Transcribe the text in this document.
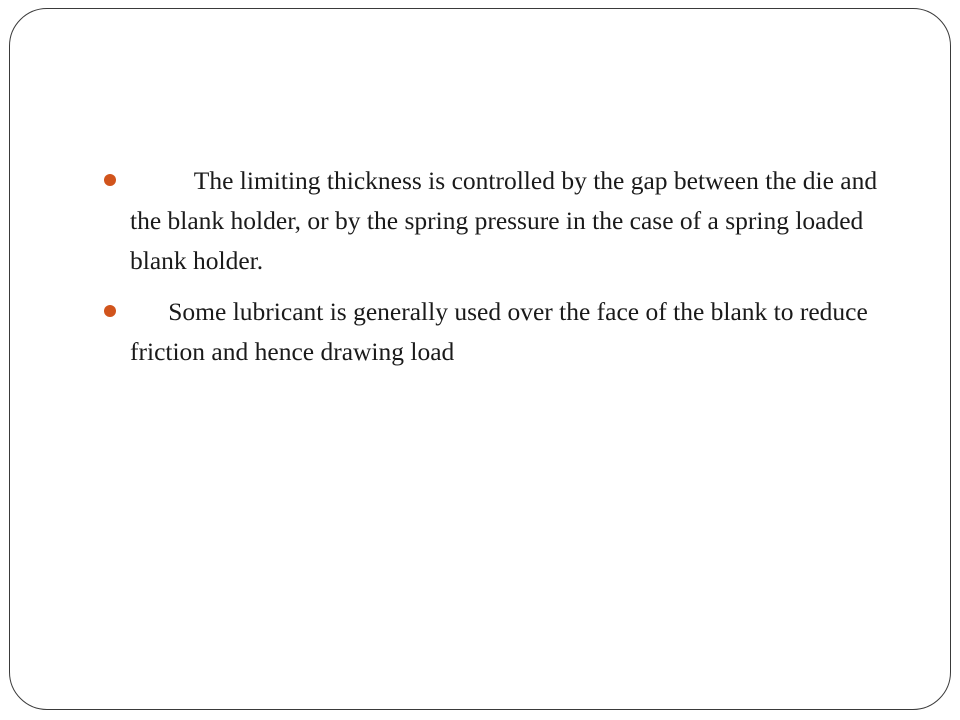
The limiting thickness is controlled by the gap between the die and the blank holder, or by the spring pressure in the case of a spring loaded blank holder.
Some lubricant is generally used over the face of the blank to reduce friction and hence drawing load
